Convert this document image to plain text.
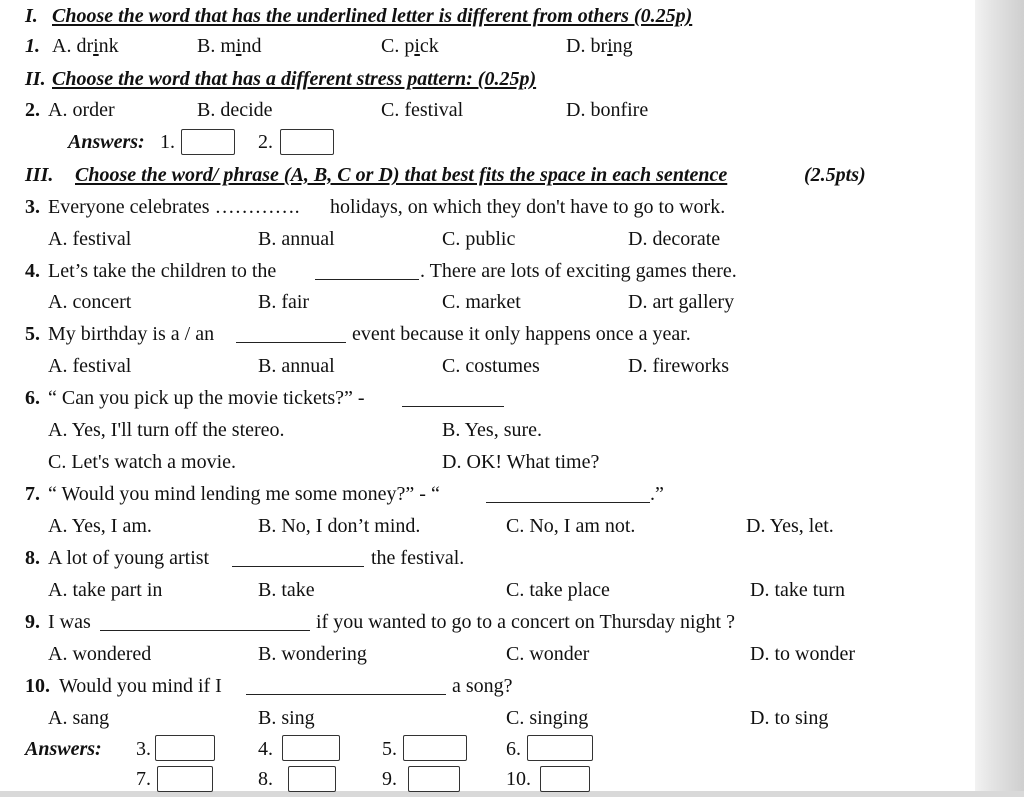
I. Choose the word that has the underlined letter is different from others (0.25p)
1. A. drink	B. mind	C. pick	D. bring
II. Choose the word that has a different stress pattern: (0.25p)
2. A. order	B. decide	C. festival	D. bonfire
Answers: 1.	2.
III. Choose the word/ phrase (A, B, C or D) that best fits the space in each sentence	(2.5pts)
3. Everyone celebrates …………. holidays, on which they don't have to go to work.
A. festival	B. annual	C. public	D. decorate
4. Let’s take the children to the	. There are lots of exciting games there.
A. concert	B. fair	C. market	D. art gallery
5. My birthday is a / an	event because it only happens once a year.
A. festival	B. annual	C. costumes	D. fireworks
6. “ Can you pick up the movie tickets?” -
A. Yes, I'll turn off the stereo.	B. Yes, sure.
C. Let's watch a movie.	D. OK! What time?
7. “ Would you mind lending me some money?” - “	.”
A. Yes, I am.	B. No, I don’t mind.	C. No, I am not.	D. Yes, let.
8. A lot of young artist	the festival.
A. take part in	B. take	C. take place	D. take turn
9. I was	if you wanted to go to a concert on Thursday night ?
A. wondered	B. wondering	C. wonder	D. to wonder
10. Would you mind if I	a song?
A. sang	B. sing	C. singing	D. to sing
Answers: 3.	4.	5.	6.
7.	8.	9.	10.
